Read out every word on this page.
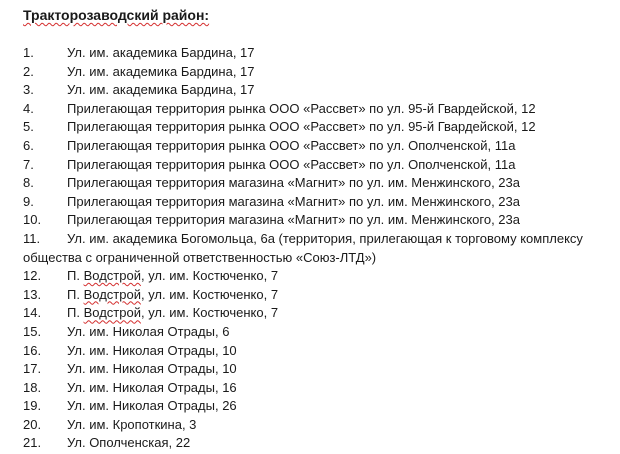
Тракторозаводский район:
1.	Ул. им. академика Бардина, 17
2.	Ул. им. академика Бардина, 17
3.	Ул. им. академика Бардина, 17
4.	Прилегающая территория рынка ООО «Рассвет» по ул. 95-й Гвардейской, 12
5.	Прилегающая территория рынка ООО «Рассвет» по ул. 95-й Гвардейской, 12
6.	Прилегающая территория рынка ООО «Рассвет» по ул. Ополченской, 11а
7.	Прилегающая территория рынка ООО «Рассвет» по ул. Ополченской, 11а
8.	Прилегающая территория магазина «Магнит» по ул. им. Менжинского, 23а
9.	Прилегающая территория магазина «Магнит» по ул. им. Менжинского, 23а
10.	Прилегающая территория магазина «Магнит» по ул. им. Менжинского, 23а
11.	Ул. им. академика Богомольца, 6а (территория, прилегающая к торговому комплексу
общества с ограниченной ответственностью «Союз-ЛТД»)
12.	П. Водстрой, ул. им. Костюченко, 7
13.	П. Водстрой, ул. им. Костюченко, 7
14.	П. Водстрой, ул. им. Костюченко, 7
15.	Ул. им. Николая Отрады, 6
16.	Ул. им. Николая Отрады, 10
17.	Ул. им. Николая Отрады, 10
18.	Ул. им. Николая Отрады, 16
19.	Ул. им. Николая Отрады, 26
20.	Ул. им. Кропоткина, 3
21.	Ул. Ополченская, 22
